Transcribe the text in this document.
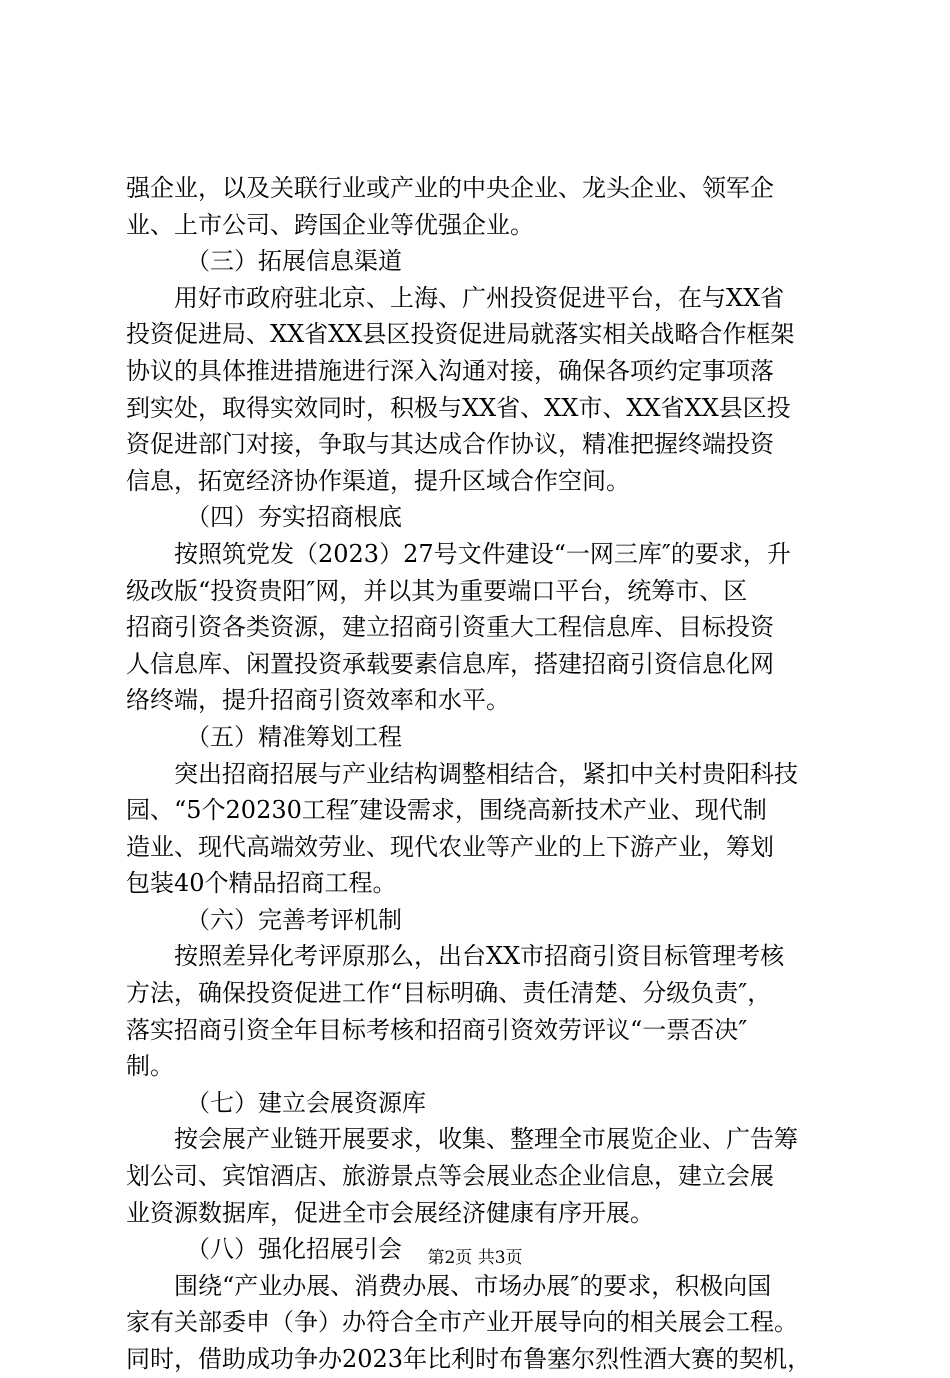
强企业，以及关联行业或产业的中央企业、龙头企业、领军企
业、上市公司、跨国企业等优强企业。
（三）拓展信息渠道
用好市政府驻北京、上海、广州投资促进平台，在与XX省
投资促进局、XX省XX县区投资促进局就落实相关战略合作框架
协议的具体推进措施进行深入沟通对接，确保各项约定事项落
到实处，取得实效同时，积极与XX省、XX市、XX省XX县区投
资促进部门对接，争取与其达成合作协议，精准把握终端投资
信息，拓宽经济协作渠道，提升区域合作空间。
（四）夯实招商根底
按照筑党发（2023）27号文件建设“一网三库″的要求，升
级改版“投资贵阳″网，并以其为重要端口平台，统筹市、区
招商引资各类资源，建立招商引资重大工程信息库、目标投资
人信息库、闲置投资承载要素信息库，搭建招商引资信息化网
络终端，提升招商引资效率和水平。
（五）精准筹划工程
突出招商招展与产业结构调整相结合，紧扣中关村贵阳科技
园、“5个20230工程″建设需求，围绕高新技术产业、现代制
造业、现代高端效劳业、现代农业等产业的上下游产业，筹划
包装40个精品招商工程。
（六）完善考评机制
按照差异化考评原那么，出台XX市招商引资目标管理考核
方法，确保投资促进工作“目标明确、责任清楚、分级负责″，
落实招商引资全年目标考核和招商引资效劳评议“一票否决″
制。
（七）建立会展资源库
按会展产业链开展要求，收集、整理全市展览企业、广告筹
划公司、宾馆酒店、旅游景点等会展业态企业信息，建立会展
业资源数据库，促进全市会展经济健康有序开展。
（八）强化招展引会
围绕“产业办展、消费办展、市场办展″的要求，积极向国
家有关部委申（争）办符合全市产业开展导向的相关展会工程。
同时，借助成功争办2023年比利时布鲁塞尔烈性酒大赛的契机，
第2页 共3页
